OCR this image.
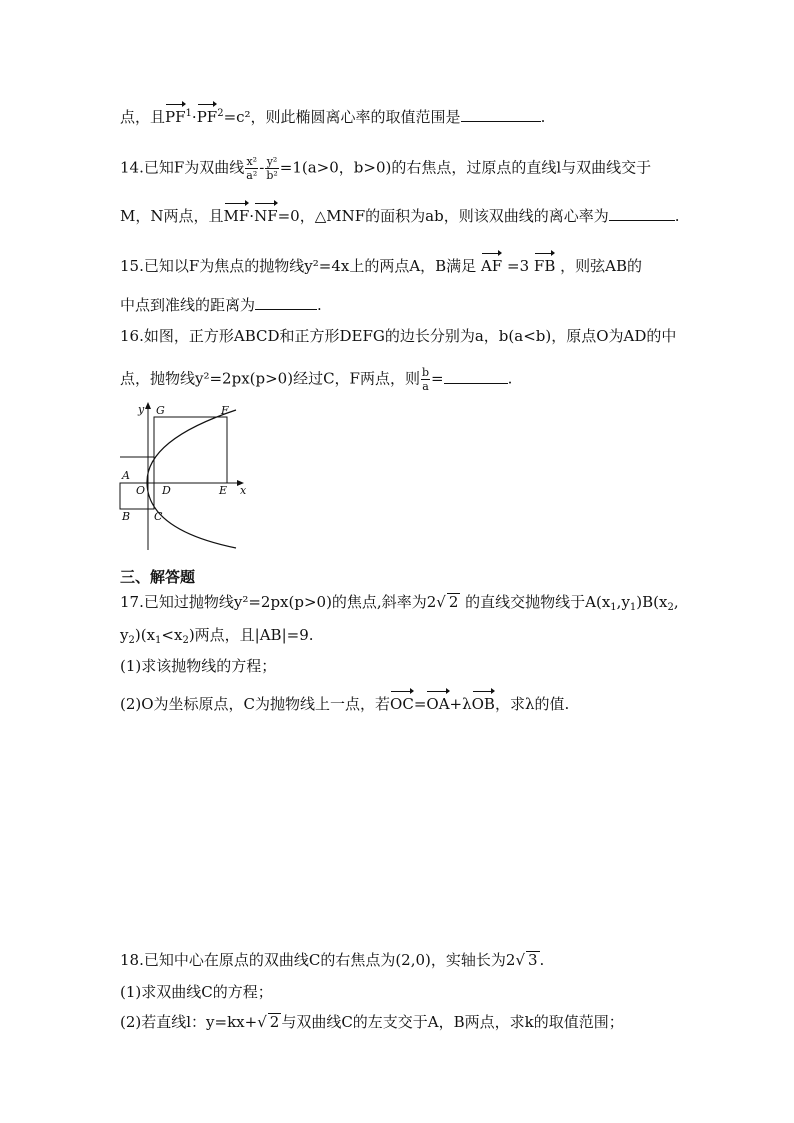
点，且$PF^1\cdot PF^2=c^2$，则此椭圆离心率的取值范围是	.
14.已知F为双曲线 $\frac{\text{x²}}{\text{a²}} - \frac{\text{y²}}{\text{b²}} =1(a>0$，b>0)的右焦点，过原点的直线l与双曲线交于
M，N两点，且MF·NF=0，△MNF的面积为ab，则该双曲线的离心率为	.
15.已知以F为焦点的抛物线y²=4x上的两点A，B满足 AF =3 FB ，则弦AB的
中点到准线的距离为	.
16.如图，正方形ABCD和正方形DEFG的边长分别为a，b(a<b)，原点O为AD的中
点，抛物线y²=2px(p>0)经过C，F两点，则 $\frac{b}{a}$ =	.
y G	F
A
O D	E x
B C
三、解答题
17.已知过抛物线y²=2px(p>0)的焦点,斜率为2√ 2 的直线交抛物线于$A(x_1,y_1)B(x_2$,
$y_2)(x_1<x_2)$两点，且|AB|=9.
(1)求该抛物线的方程；
(2)O为坐标原点，C为抛物线上一点，若OC=OA+λOB，求λ的值.
18.已知中心在原点的双曲线C的右焦点为(2,0)，实轴长为2√ 3 .
(1)求双曲线C的方程；
(2)若直线l：y=kx+√ 2 与双曲线C的左支交于A，B两点，求k的取值范围；
